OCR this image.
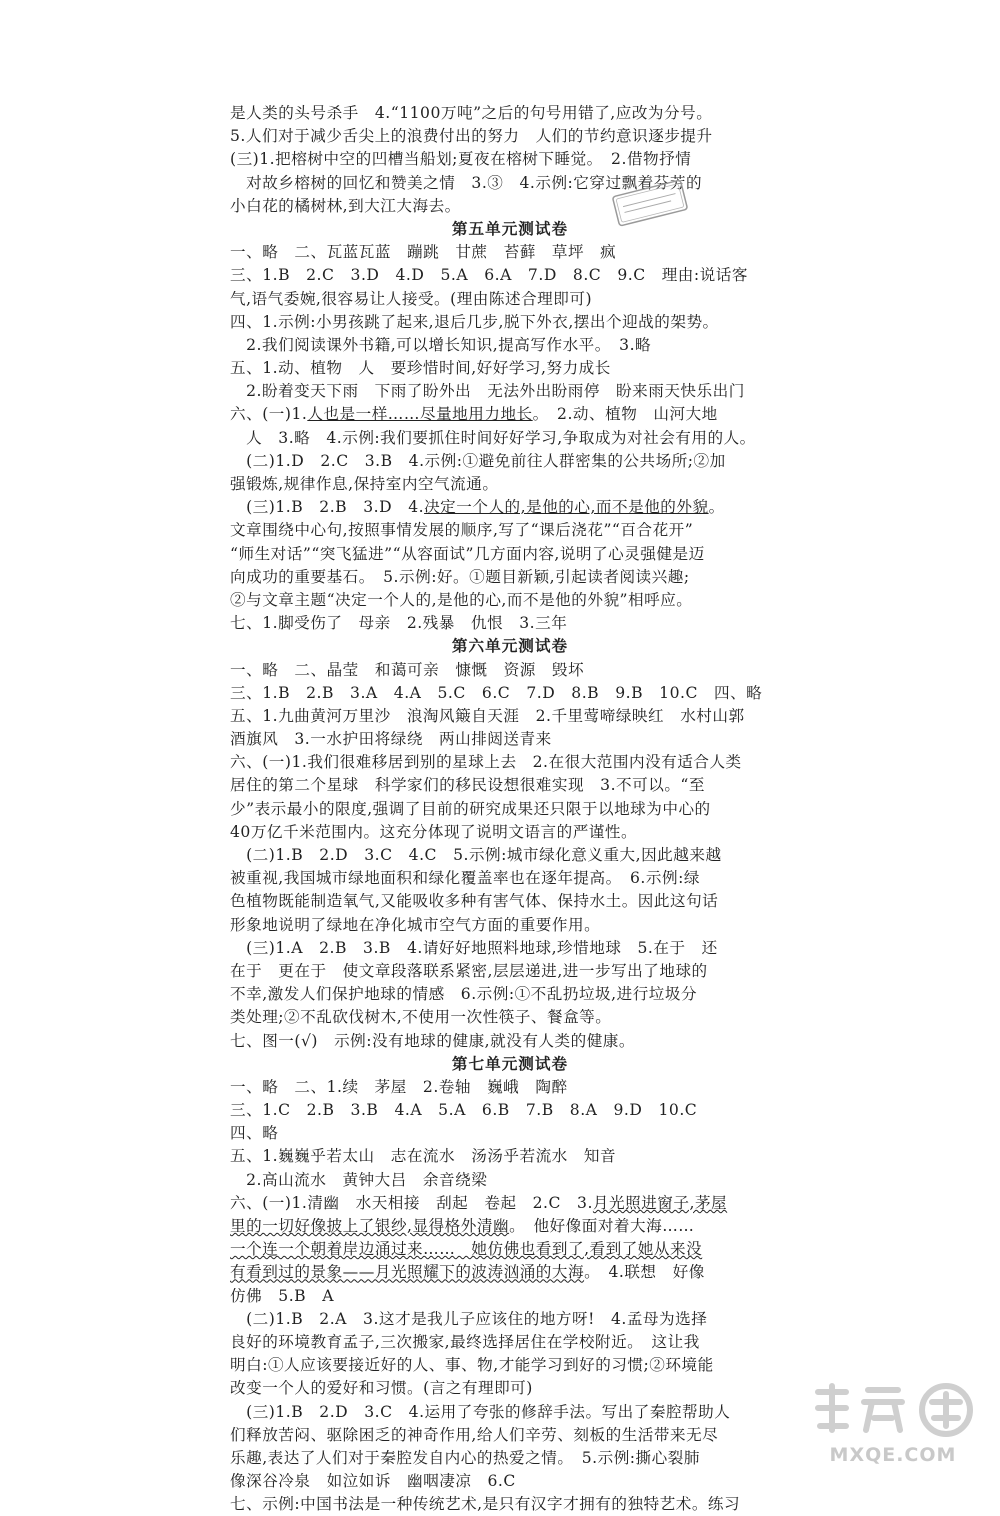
是人类的头号杀手　4.“1100万吨”之后的句号用错了,应改为分号。
5.人们对于减少舌尖上的浪费付出的努力　人们的节约意识逐步提升
(三)1.把榕树中空的凹槽当船划;夏夜在榕树下睡觉。　2.借物抒情
　对故乡榕树的回忆和赞美之情　3.③　4.示例:它穿过飘着芬芳的
小白花的橘树林,到大江大海去。
第五单元测试卷
一、略　二、瓦蓝瓦蓝　蹦跳　甘蔗　苔藓　草坪　疯
三、1.B　2.C　3.D　4.D　5.A　6.A　7.D　8.C　9.C　理由:说话客
气,语气委婉,很容易让人接受。(理由陈述合理即可)
四、1.示例:小男孩跳了起来,退后几步,脱下外衣,摆出个迎战的架势。
　2.我们阅读课外书籍,可以增长知识,提高写作水平。　3.略
五、1.动、植物　人　要珍惜时间,好好学习,努力成长
　2.盼着变天下雨　下雨了盼外出　无法外出盼雨停　盼来雨天快乐出门
六、(一)1.人也是一样……尽量地用力地长。　2.动、植物　山河大地
　人　3.略　4.示例:我们要抓住时间好好学习,争取成为对社会有用的人。
　(二)1.D　2.C　3.B　4.示例:①避免前往人群密集的公共场所;②加
强锻炼,规律作息,保持室内空气流通。
　(三)1.B　2.B　3.D　4.决定一个人的,是他的心,而不是他的外貌。
文章围绕中心句,按照事情发展的顺序,写了“课后浇花”“百合花开”
“师生对话”“突飞猛进”“从容面试”几方面内容,说明了心灵强健是迈
向成功的重要基石。　5.示例:好。①题目新颖,引起读者阅读兴趣;
②与文章主题“决定一个人的,是他的心,而不是他的外貌”相呼应。
七、1.脚受伤了　母亲　2.残暴　仇恨　3.三年
第六单元测试卷
一、略　二、晶莹　和蔼可亲　慷慨　资源　毁坏
三、1.B　2.B　3.A　4.A　5.C　6.C　7.D　8.B　9.B　10.C　四、略
五、1.九曲黄河万里沙　浪淘风簸自天涯　2.千里莺啼绿映红　水村山郭
酒旗风　3.一水护田将绿绕　两山排闼送青来
六、(一)1.我们很难移居到别的星球上去　2.在很大范围内没有适合人类
居住的第二个星球　科学家们的移民设想很难实现　3.不可以。“至
少”表示最小的限度,强调了目前的研究成果还只限于以地球为中心的
40万亿千米范围内。这充分体现了说明文语言的严谨性。
　(二)1.B　2.D　3.C　4.C　5.示例:城市绿化意义重大,因此越来越
被重视,我国城市绿地面积和绿化覆盖率也在逐年提高。　6.示例:绿
色植物既能制造氧气,又能吸收多种有害气体、保持水土。因此这句话
形象地说明了绿地在净化城市空气方面的重要作用。
　(三)1.A　2.B　3.B　4.请好好地照料地球,珍惜地球　5.在于　还
在于　更在于　使文章段落联系紧密,层层递进,进一步写出了地球的
不幸,激发人们保护地球的情感　6.示例:①不乱扔垃圾,进行垃圾分
类处理;②不乱砍伐树木,不使用一次性筷子、餐盒等。
七、图一(√)　示例:没有地球的健康,就没有人类的健康。
第七单元测试卷
一、略　二、1.续　茅屋　2.卷轴　巍峨　陶醉
三、1.C　2.B　3.B　4.A　5.A　6.B　7.B　8.A　9.D　10.C
四、略
五、1.巍巍乎若太山　志在流水　汤汤乎若流水　知音
　2.高山流水　黄钟大吕　余音绕梁
六、(一)1.清幽　水天相接　刮起　卷起　2.C　3.月光照进窗子,茅屋
里的一切好像披上了银纱,显得格外清幽。　他好像面对着大海……
一个连一个朝着岸边涌过来……　她仿佛也看到了,看到了她从来没
有看到过的景象——月光照耀下的波涛汹涌的大海。　4.联想　好像
仿佛　5.B　A
　(二)1.B　2.A　3.这才是我儿子应该住的地方呀!　4.孟母为选择
良好的环境教育孟子,三次搬家,最终选择居住在学校附近。　这让我
明白:①人应该要接近好的人、事、物,才能学习到好的习惯;②环境能
改变一个人的爱好和习惯。(言之有理即可)
　(三)1.B　2.D　3.C　4.运用了夸张的修辞手法。写出了秦腔帮助人
们释放苦闷、驱除困乏的神奇作用,给人们辛劳、刻板的生活带来无尽
乐趣,表达了人们对于秦腔发自内心的热爱之情。　5.示例:撕心裂肺
像深谷冷泉　如泣如诉　幽咽凄凉　6.C
七、示例:中国书法是一种传统艺术,是只有汉字才拥有的独特艺术。练习
MXQE.COM
